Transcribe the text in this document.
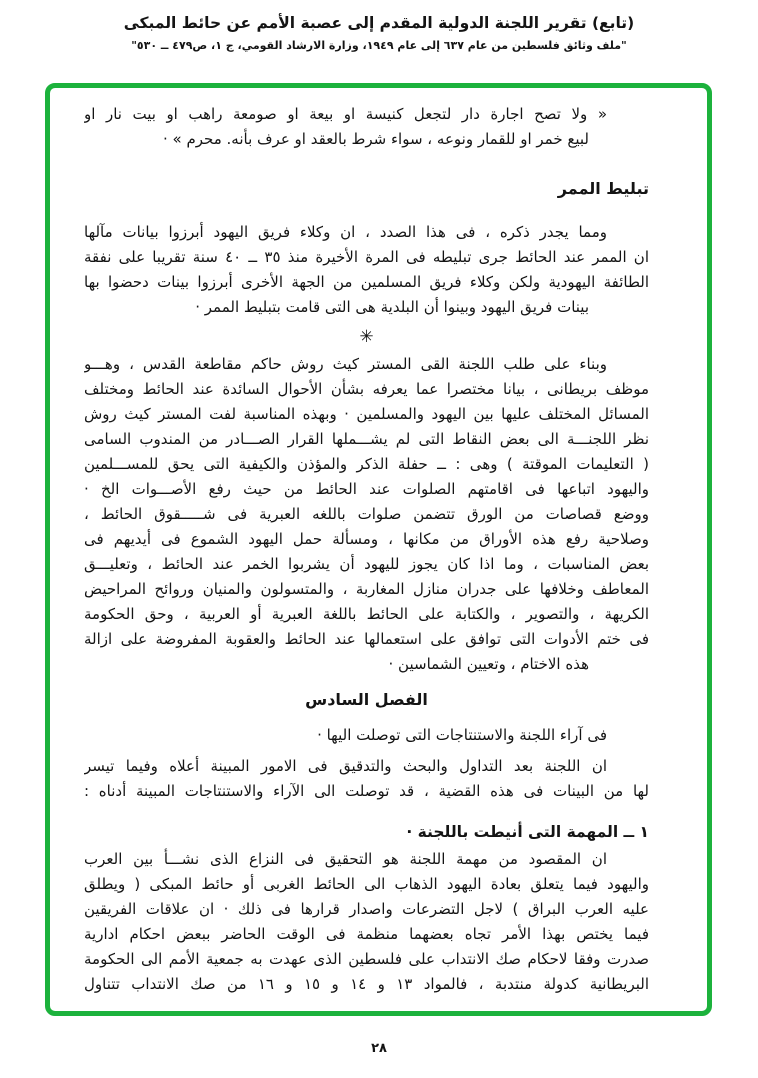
(تابع) تقرير اللجنة الدولية المقدم إلى عصبة الأمم عن حائط المبكى
"ملف وثائق فلسطين من عام ٦٣٧ إلى عام ١٩٤٩، وزارة الارشاد القومي، ج ١، ص٤٧٩ ــ ٥٣٠"
« ولا تصح اجارة دار لتجعل كنيسة او بيعة او صومعة راهب او بيت نار او
لبيع خمر او للقمار ونوعه ، سواء شرط بالعقد او عرف بأنه. محرم » ·
تبليط الممر
ومما يجدر ذكره ، فى هذا الصدد ، ان وكلاء فريق اليهود أبرزوا بيانات مآلها
ان الممر عند الحائط جرى تبليطه فى المرة الأخيرة منذ ٣٥ ــ ٤٠ سنة تقريبا على نفقة
الطائفة اليهودية ولكن وكلاء فريق المسلمين من الجهة الأخرى أبرزوا بينات دحضوا بها
بينات فريق اليهود وبينوا أن البلدية هى التى قامت بتبليط الممر ·
✳
وبناء على طلب اللجنة القى المستر كيث روش حاكم مقاطعة القدس ، وهـــو
موظف بريطانى ، بيانا مختصرا عما يعرفه بشأن الأحوال السائدة عند الحائط ومختلف
المسائل المختلف عليها بين اليهود والمسلمين · وبهذه المناسبة لفت المستر كيث روش
نظر اللجنـــة الى بعض النقاط التى لم يشـــملها القرار الصـــادر من المندوب السامى
( التعليمات الموقتة ) وهى : ــ حفلة الذكر والمؤذن والكيفية التى يحق للمســـلمين
واليهود اتباعها فى اقامتهم الصلوات عند الحائط من حيث رفع الأصـــوات الخ ·
ووضع قصاصات من الورق تتضمن صلوات باللغه العبرية فى شـــــقوق الحائط ،
وصلاحية رفع هذه الأوراق من مكانها ، ومسألة حمل اليهود الشموع فى أيديهم فى
بعض المناسبات ، وما اذا كان يجوز لليهود أن يشربوا الخمر عند الحائط ، وتعليـــق
المعاطف وخلافها على جدران منازل المغاربة ، والمتسولون والمنيان وروائح المراحيض
الكريهة ، والتصوير ، والكتابة على الحائط باللغة العبرية أو العربية ، وحق الحكومة
فى ختم الأدوات التى توافق على استعمالها عند الحائط والعقوبة المفروضة على ازالة
هذه الاختام ، وتعيين الشماسين ·
الفصل السادس
فى آراء اللجنة والاستنتاجات التى توصلت اليها ·
ان اللجنة بعد التداول والبحث والتدقيق فى الامور المبينة أعلاه وفيما تيسر
لها من البينات فى هذه القضية ، قد توصلت الى الآراء والاستنتاجات المبينة أدناه :
١ ــ المهمة التى أنيطت باللجنة ·
ان المقصود من مهمة اللجنة هو التحقيق فى النزاع الذى نشـــأ بين العرب
واليهود فيما يتعلق بعادة اليهود الذهاب الى الحائط الغربى أو حائط المبكى ( ويطلق
عليه العرب البراق ) لاجل التضرعات واصدار قرارها فى ذلك · ان علاقات الفريقين
فيما يختص بهذا الأمر تجاه بعضهما منظمة فى الوقت الحاضر ببعض احكام ادارية
صدرت وفقا لاحكام صك الانتداب على فلسطين الذى عهدت به جمعية الأمم الى الحكومة
البريطانية كدولة منتدبة ، فالمواد ١٣ و ١٤ و ١٥ و ١٦ من صك الانتداب تتناول
٢٨
